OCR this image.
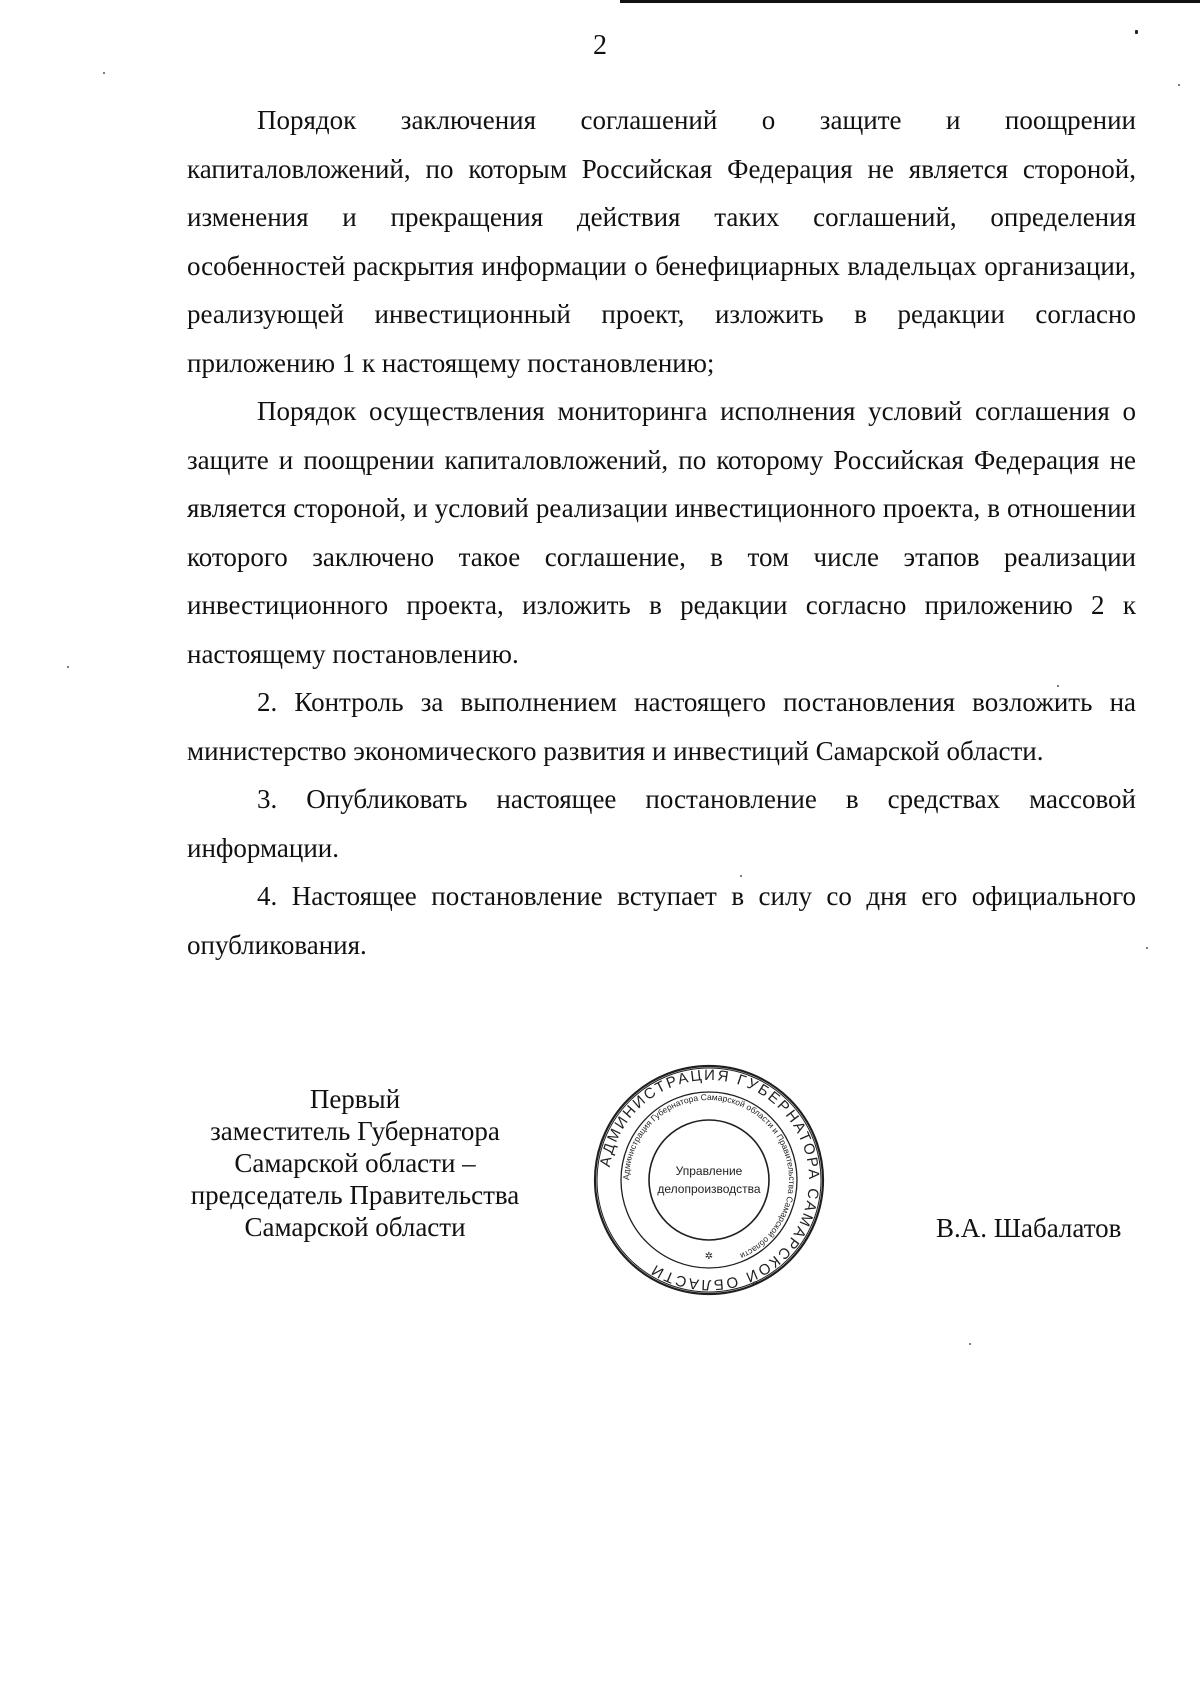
2

Порядок заключения соглашений о защите и поощрении капиталовложений, по которым Российская Федерация не является стороной, изменения и прекращения действия таких соглашений, определения особенностей раскрытия информации о бенефициарных владельцах организации, реализующей инвестиционный проект, изложить в редакции согласно приложению 1 к настоящему постановлению;

Порядок осуществления мониторинга исполнения условий соглашения о защите и поощрении капиталовложений, по которому Российская Федерация не является стороной, и условий реализации инвестиционного проекта, в отношении которого заключено такое соглашение, в том числе этапов реализации инвестиционного проекта, изложить в редакции согласно приложению 2 к настоящему постановлению.

2. Контроль за выполнением настоящего постановления возложить на министерство экономического развития и инвестиций Самарской области.

3. Опубликовать настоящее постановление в средствах массовой информации.

4. Настоящее постановление вступает в силу со дня его официального опубликования.

Первый
заместитель Губернатора
Самарской области –
председатель Правительства
Самарской области
АДМИНИСТРАЦИЯ ГУБЕРНАТОРА САМАРСКОЙ ОБЛАСТИ
Администрация Губернатора Самарской области и Правительства Самарской области
Управление
делопроизводства
✲
В.А. Шабалатов
